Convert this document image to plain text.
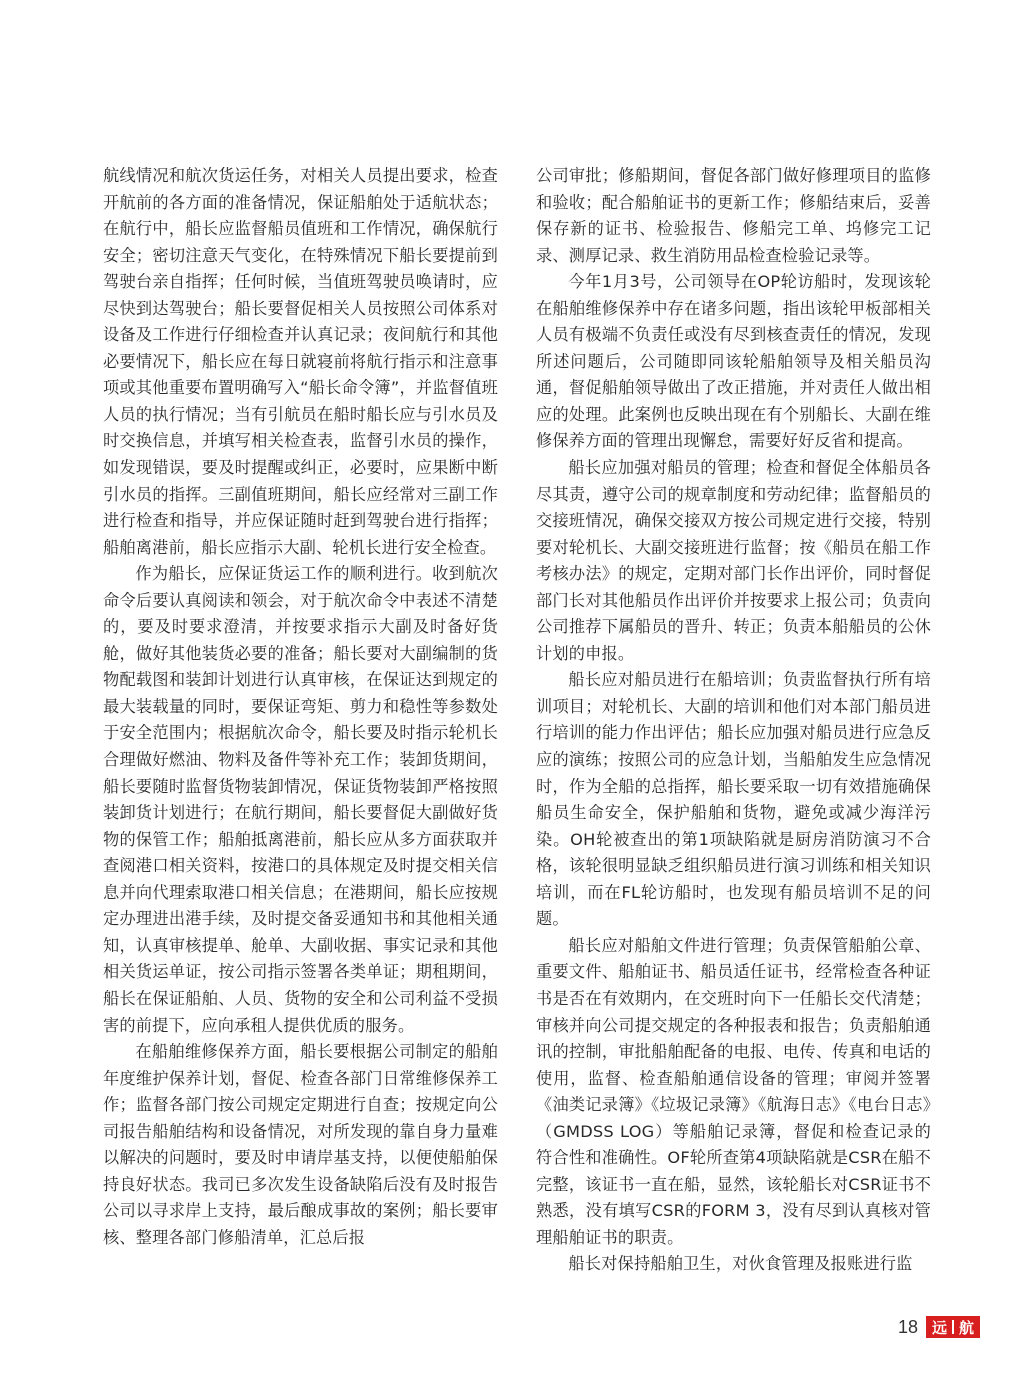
航线情况和航次货运任务，对相关人员提出要求，检查开航前的各方面的准备情况，保证船舶处于适航状态；在航行中，船长应监督船员值班和工作情况，确保航行安全；密切注意天气变化，在特殊情况下船长要提前到驾驶台亲自指挥；任何时候，当值班驾驶员唤请时，应尽快到达驾驶台；船长要督促相关人员按照公司体系对设备及工作进行仔细检查并认真记录；夜间航行和其他必要情况下，船长应在每日就寝前将航行指示和注意事项或其他重要布置明确写入“船长命令簿”，并监督值班人员的执行情况；当有引航员在船时船长应与引水员及时交换信息，并填写相关检查表，监督引水员的操作，如发现错误，要及时提醒或纠正，必要时，应果断中断引水员的指挥。三副值班期间，船长应经常对三副工作进行检查和指导，并应保证随时赶到驾驶台进行指挥；船舶离港前，船长应指示大副、轮机长进行安全检查。

作为船长，应保证货运工作的顺利进行。收到航次命令后要认真阅读和领会，对于航次命令中表述不清楚的，要及时要求澄清，并按要求指示大副及时备好货舱，做好其他装货必要的准备；船长要对大副编制的货物配载图和装卸计划进行认真审核，在保证达到规定的最大装载量的同时，要保证弯矩、剪力和稳性等参数处于安全范围内；根据航次命令，船长要及时指示轮机长合理做好燃油、物料及备件等补充工作；装卸货期间，船长要随时监督货物装卸情况，保证货物装卸严格按照装卸货计划进行；在航行期间，船长要督促大副做好货物的保管工作；船舶抵离港前，船长应从多方面获取并查阅港口相关资料，按港口的具体规定及时提交相关信息并向代理索取港口相关信息；在港期间，船长应按规定办理进出港手续，及时提交备妥通知书和其他相关通知，认真审核提单、舱单、大副收据、事实记录和其他相关货运单证，按公司指示签署各类单证；期租期间，船长在保证船舶、人员、货物的安全和公司利益不受损害的前提下，应向承租人提供优质的服务。

在船舶维修保养方面，船长要根据公司制定的船舶年度维护保养计划，督促、检查各部门日常维修保养工作；监督各部门按公司规定定期进行自查；按规定向公司报告船舶结构和设备情况，对所发现的靠自身力量难以解决的问题时，要及时申请岸基支持，以便使船舶保持良好状态。我司已多次发生设备缺陷后没有及时报告公司以寻求岸上支持，最后酿成事故的案例；船长要审核、整理各部门修船清单，汇总后报

公司审批；修船期间，督促各部门做好修理项目的监修和验收；配合船舶证书的更新工作；修船结束后，妥善保存新的证书、检验报告、修船完工单、坞修完工记录、测厚记录、救生消防用品检查检验记录等。

今年1月3号，公司领导在OP轮访船时，发现该轮在船舶维修保养中存在诸多问题，指出该轮甲板部相关人员有极端不负责任或没有尽到核查责任的情况，发现所述问题后，公司随即同该轮船舶领导及相关船员沟通，督促船舶领导做出了改正措施，并对责任人做出相应的处理。此案例也反映出现在有个别船长、大副在维修保养方面的管理出现懈怠，需要好好反省和提高。

船长应加强对船员的管理；检查和督促全体船员各尽其责，遵守公司的规章制度和劳动纪律；监督船员的交接班情况，确保交接双方按公司规定进行交接，特别要对轮机长、大副交接班进行监督；按《船员在船工作考核办法》的规定，定期对部门长作出评价，同时督促部门长对其他船员作出评价并按要求上报公司；负责向公司推荐下属船员的晋升、转正；负责本船船员的公休计划的申报。

船长应对船员进行在船培训；负责监督执行所有培训项目；对轮机长、大副的培训和他们对本部门船员进行培训的能力作出评估；船长应加强对船员进行应急反应的演练；按照公司的应急计划，当船舶发生应急情况时，作为全船的总指挥，船长要采取一切有效措施确保船员生命安全，保护船舶和货物，避免或减少海洋污染。OH轮被查出的第1项缺陷就是厨房消防演习不合格，该轮很明显缺乏组织船员进行演习训练和相关知识培训，而在FL轮访船时，也发现有船员培训不足的问题。

船长应对船舶文件进行管理；负责保管船舶公章、重要文件、船舶证书、船员适任证书，经常检查各种证书是否在有效期内，在交班时向下一任船长交代清楚；审核并向公司提交规定的各种报表和报告；负责船舶通讯的控制，审批船舶配备的电报、电传、传真和电话的使用，监督、检查船舶通信设备的管理；审阅并签署《油类记录簿》《垃圾记录簿》《航海日志》《电台日志》（GMDSS LOG）等船舶记录簿，督促和检查记录的符合性和准确性。OF轮所查第4项缺陷就是CSR在船不完整，该证书一直在船，显然，该轮船长对CSR证书不熟悉，没有填写CSR的FORM 3，没有尽到认真核对管理船舶证书的职责。

船长对保持船舶卫生，对伙食管理及报账进行监

18 远 航
